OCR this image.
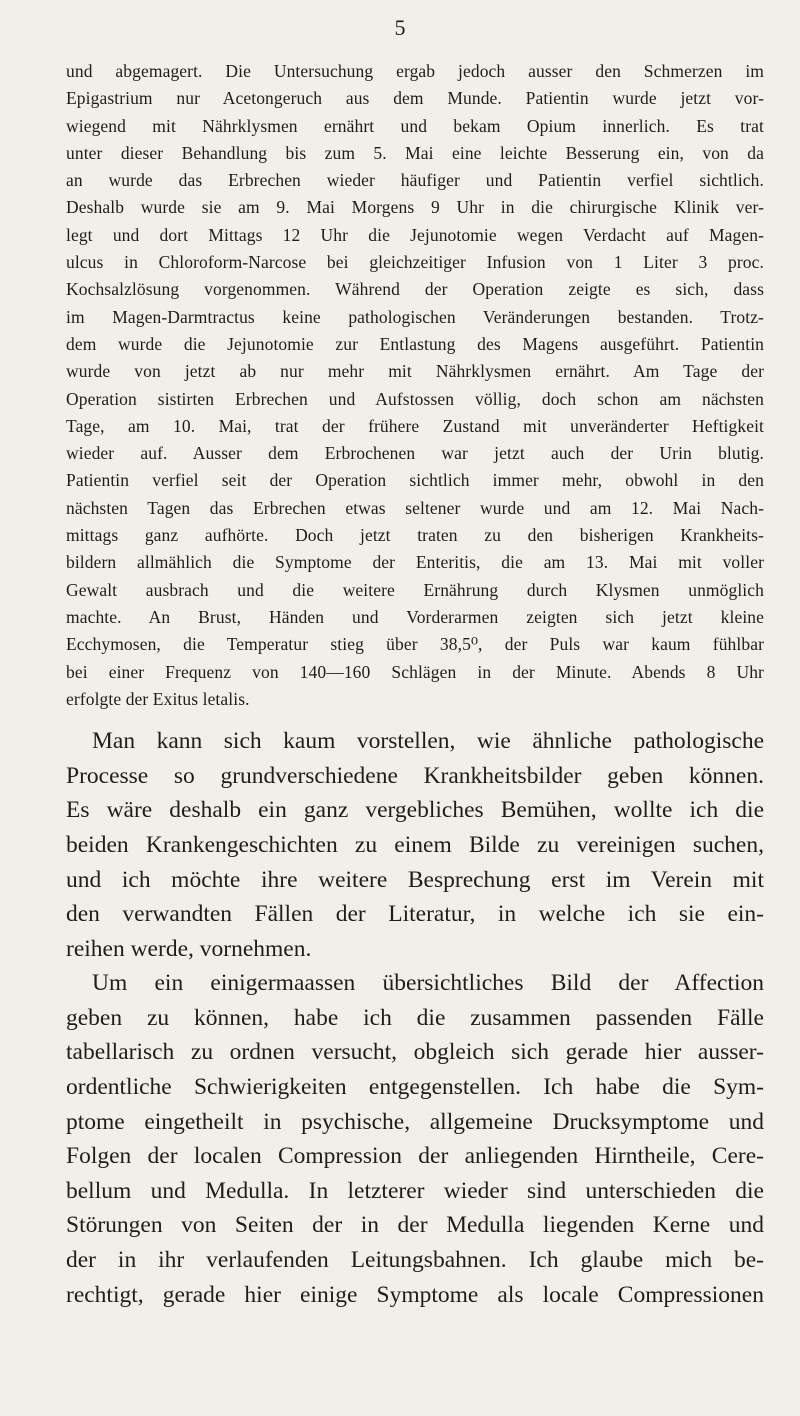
5
und abgemagert. Die Untersuchung ergab jedoch ausser den Schmerzen im
Epigastrium nur Acetongeruch aus dem Munde. Patientin wurde jetzt vor-
wiegend mit Nährklysmen ernährt und bekam Opium innerlich. Es trat
unter dieser Behandlung bis zum 5. Mai eine leichte Besserung ein, von da
an wurde das Erbrechen wieder häufiger und Patientin verfiel sichtlich.
Deshalb wurde sie am 9. Mai Morgens 9 Uhr in die chirurgische Klinik ver-
legt und dort Mittags 12 Uhr die Jejunotomie wegen Verdacht auf Magen-
ulcus in Chloroform-Narcose bei gleichzeitiger Infusion von 1 Liter 3 proc.
Kochsalzlösung vorgenommen. Während der Operation zeigte es sich, dass
im Magen-Darmtractus keine pathologischen Veränderungen bestanden. Trotz-
dem wurde die Jejunotomie zur Entlastung des Magens ausgeführt. Patientin
wurde von jetzt ab nur mehr mit Nährklysmen ernährt. Am Tage der
Operation sistirten Erbrechen und Aufstossen völlig, doch schon am nächsten
Tage, am 10. Mai, trat der frühere Zustand mit unveränderter Heftigkeit
wieder auf. Ausser dem Erbrochenen war jetzt auch der Urin blutig.
Patientin verfiel seit der Operation sichtlich immer mehr, obwohl in den
nächsten Tagen das Erbrechen etwas seltener wurde und am 12. Mai Nach-
mittags ganz aufhörte. Doch jetzt traten zu den bisherigen Krankheits-
bildern allmählich die Symptome der Enteritis, die am 13. Mai mit voller
Gewalt ausbrach und die weitere Ernährung durch Klysmen unmöglich
machte. An Brust, Händen und Vorderarmen zeigten sich jetzt kleine
Ecchymosen, die Temperatur stieg über 38,5⁰, der Puls war kaum fühlbar
bei einer Frequenz von 140—160 Schlägen in der Minute. Abends 8 Uhr
erfolgte der Exitus letalis.

Man kann sich kaum vorstellen, wie ähnliche pathologische
Processe so grundverschiedene Krankheitsbilder geben können.
Es wäre deshalb ein ganz vergebliches Bemühen, wollte ich die
beiden Krankengeschichten zu einem Bilde zu vereinigen suchen,
und ich möchte ihre weitere Besprechung erst im Verein mit
den verwandten Fällen der Literatur, in welche ich sie ein-
reihen werde, vornehmen.

Um ein einigermaassen übersichtliches Bild der Affection
geben zu können, habe ich die zusammen passenden Fälle
tabellarisch zu ordnen versucht, obgleich sich gerade hier ausser-
ordentliche Schwierigkeiten entgegenstellen. Ich habe die Sym-
ptome eingetheilt in psychische, allgemeine Drucksymptome und
Folgen der localen Compression der anliegenden Hirntheile, Cere-
bellum und Medulla. In letzterer wieder sind unterschieden die
Störungen von Seiten der in der Medulla liegenden Kerne und
der in ihr verlaufenden Leitungsbahnen. Ich glaube mich be-
rechtigt, gerade hier einige Symptome als locale Compressionen
